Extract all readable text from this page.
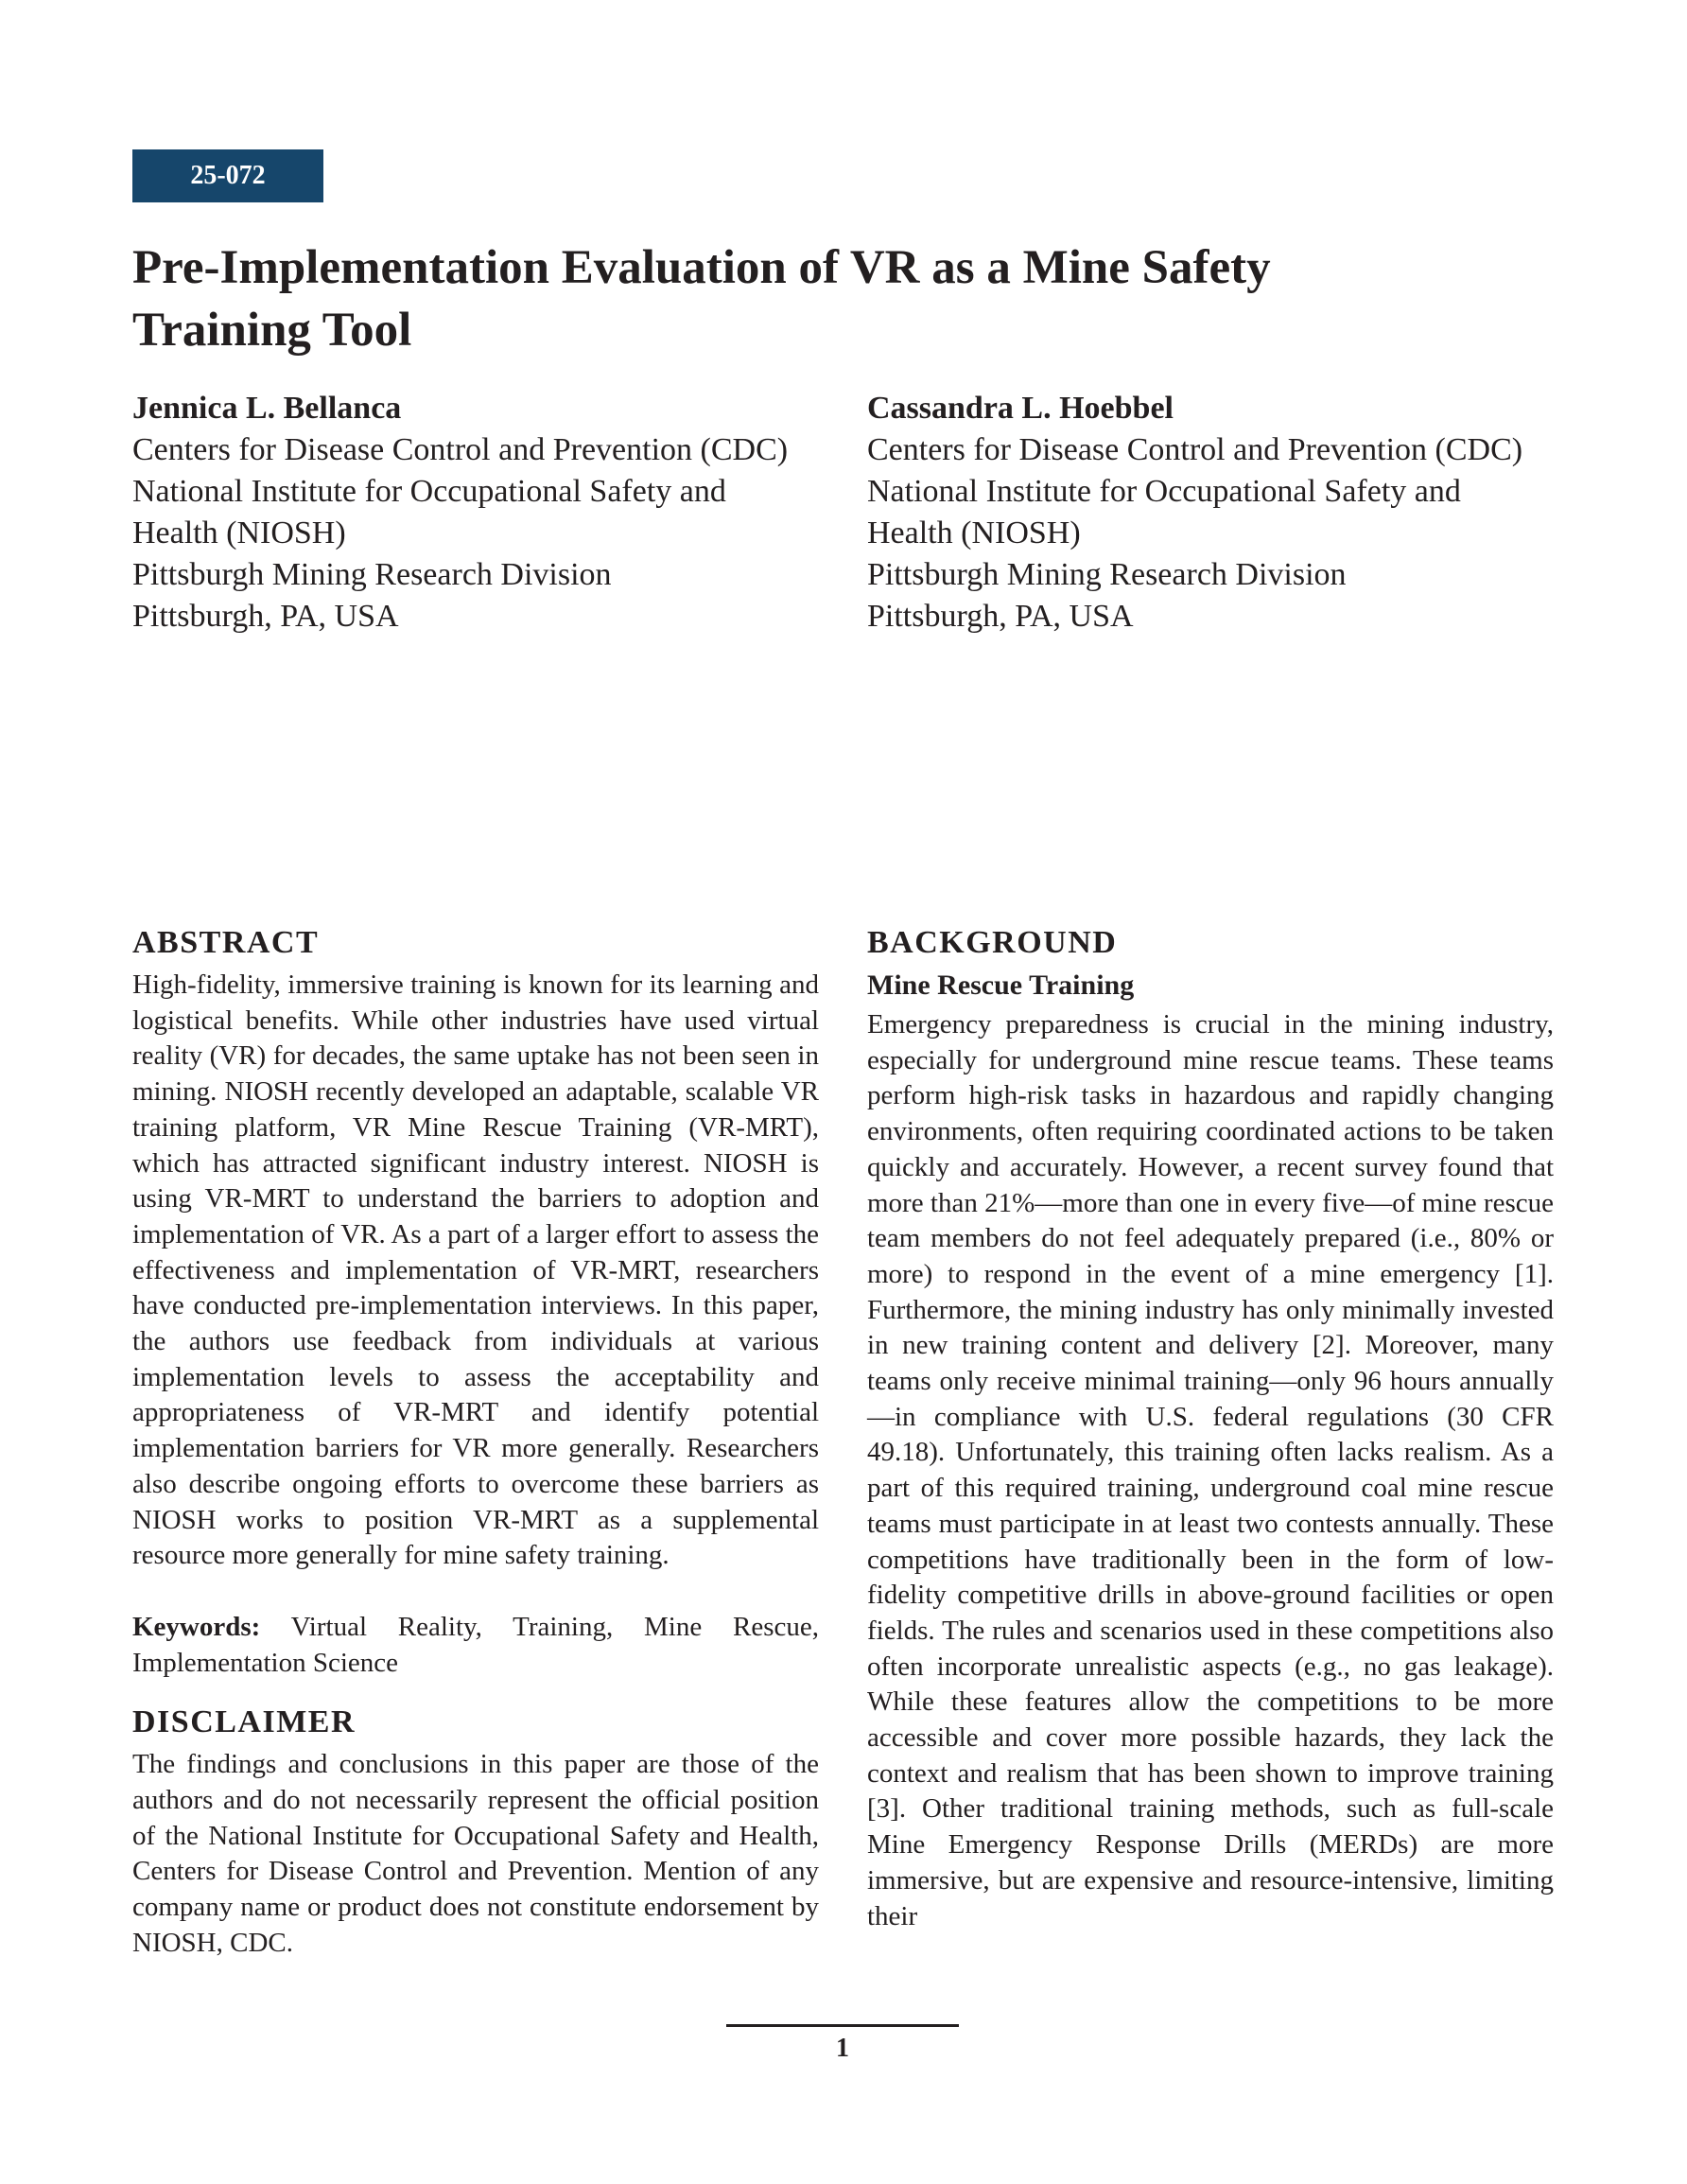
25-072
Pre-Implementation Evaluation of VR as a Mine Safety Training Tool
Jennica L. Bellanca
Centers for Disease Control and Prevention (CDC)
National Institute for Occupational Safety and
Health (NIOSH)
Pittsburgh Mining Research Division
Pittsburgh, PA, USA
Cassandra L. Hoebbel
Centers for Disease Control and Prevention (CDC)
National Institute for Occupational Safety and
Health (NIOSH)
Pittsburgh Mining Research Division
Pittsburgh, PA, USA
ABSTRACT

High-fidelity, immersive training is known for its learning and logistical benefits. While other industries have used virtual reality (VR) for decades, the same uptake has not been seen in mining. NIOSH recently developed an adaptable, scalable VR training platform, VR Mine Rescue Training (VR-MRT), which has attracted significant industry interest. NIOSH is using VR-MRT to understand the barriers to adoption and implementation of VR. As a part of a larger effort to assess the effectiveness and implementation of VR-MRT, researchers have conducted pre-implementation interviews. In this paper, the authors use feedback from individuals at various implementation levels to assess the acceptability and appropriateness of VR-MRT and identify potential implementation barriers for VR more generally. Researchers also describe ongoing efforts to overcome these barriers as NIOSH works to position VR-MRT as a supplemental resource more generally for mine safety training.

Keywords: Virtual Reality, Training, Mine Rescue, Implementation Science

DISCLAIMER

The findings and conclusions in this paper are those of the authors and do not necessarily represent the official position of the National Institute for Occupational Safety and Health, Centers for Disease Control and Prevention. Mention of any company name or product does not constitute endorsement by NIOSH, CDC.

BACKGROUND
Mine Rescue Training

Emergency preparedness is crucial in the mining industry, especially for underground mine rescue teams. These teams perform high-risk tasks in hazardous and rapidly changing environments, often requiring coordinated actions to be taken quickly and accurately. However, a recent survey found that more than 21%—more than one in every five—of mine rescue team members do not feel adequately prepared (i.e., 80% or more) to respond in the event of a mine emergency [1]. Furthermore, the mining industry has only minimally invested in new training content and delivery [2]. Moreover, many teams only receive minimal training—only 96 hours annually—in compliance with U.S. federal regulations (30 CFR 49.18). Unfortunately, this training often lacks realism. As a part of this required training, underground coal mine rescue teams must participate in at least two contests annually. These competitions have traditionally been in the form of low-fidelity competitive drills in above-ground facilities or open fields. The rules and scenarios used in these competitions also often incorporate unrealistic aspects (e.g., no gas leakage). While these features allow the competitions to be more accessible and cover more possible hazards, they lack the context and realism that has been shown to improve training [3]. Other traditional training methods, such as full-scale Mine Emergency Response Drills (MERDs) are more immersive, but are expensive and resource-intensive, limiting their

1
